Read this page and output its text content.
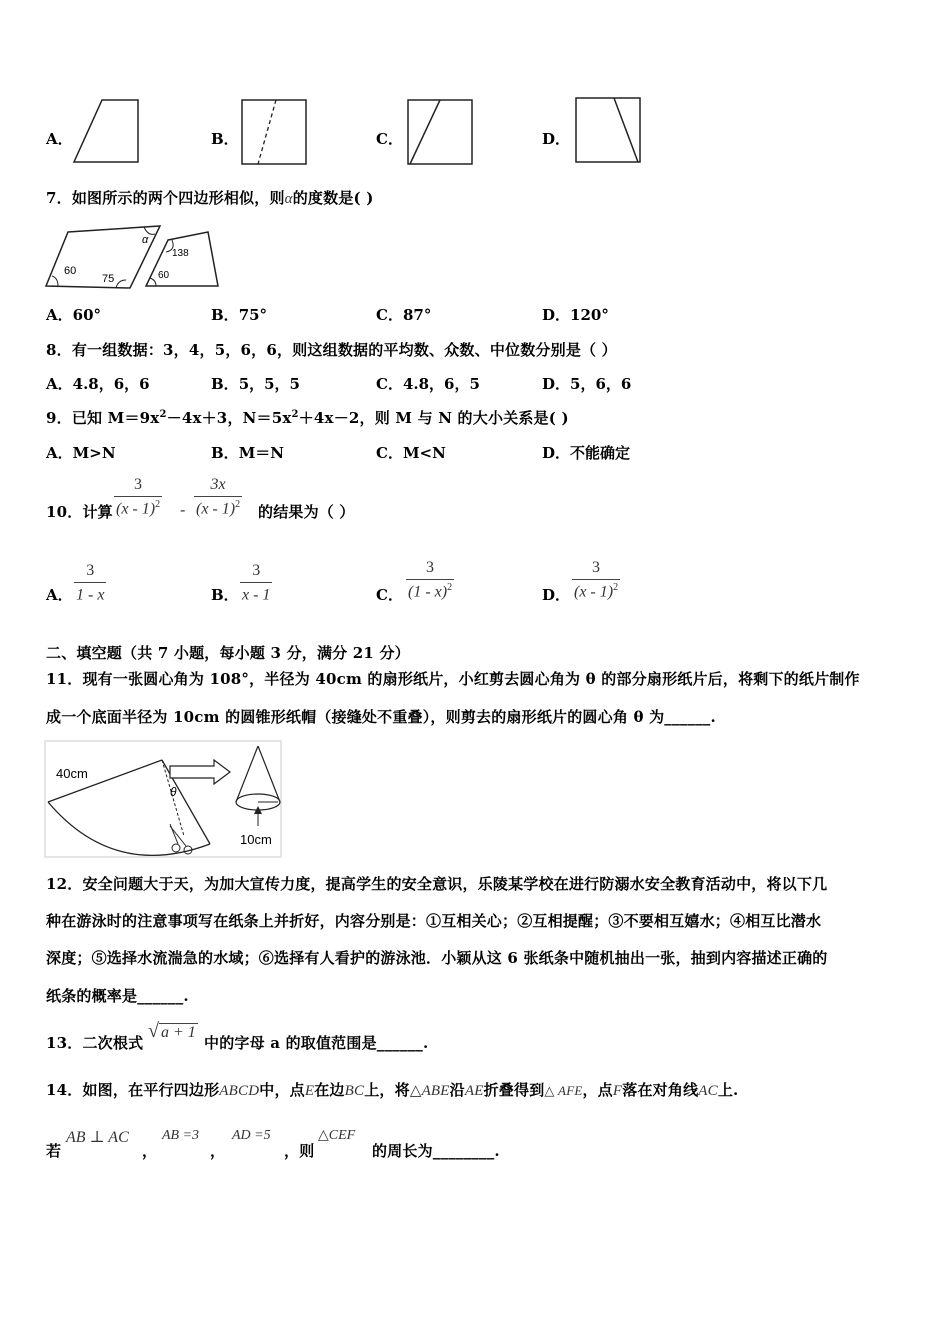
A．	B．	C．	D．
7．如图所示的两个四边形相似，则α的度数是( )
α
60
75
138
60
A．60°	B．75°	C．87°	D．120°
8．有一组数据：3，4，5，6，6，则这组数据的平均数、众数、中位数分别是（ ）
A．4.8，6，6	B．5，5，5	C．4.8，6，5	D．5，6，6
9．已知 $M=9x^2-4x+3$，$N=5x^2+4x-2$，则 M 与 N 的大小关系是( )
A．M>N	B．M＝N	C．M<N	D．不能确定
10．计算 $\frac{3}{(x - 1)^2} - \frac{3x}{(x - 1)^2}$ 的结果为（ ）
A． $\frac{3}{1 - x}$	B． $\frac{3}{x - 1}$	C． $\frac{3}{(1 - x)^2}$	D． $\frac{3}{(x - 1)^2}$
二、填空题（共 7 小题，每小题 3 分，满分 21 分）
11．现有一张圆心角为 108°，半径为 40cm 的扇形纸片，小红剪去圆心角为 θ 的部分扇形纸片后，将剩下的纸片制作
成一个底面半径为 10cm 的圆锥形纸帽（接缝处不重叠），则剪去的扇形纸片的圆心角 θ 为______.
40cm
θ
10cm
12．安全问题大于天，为加大宣传力度，提高学生的安全意识，乐陵某学校在进行防溺水安全教育活动中，将以下几
种在游泳时的注意事项写在纸条上并折好，内容分别是：①互相关心；②互相提醒；③不要相互嬉水；④相互比潜水
深度；⑤选择水流湍急的水域；⑥选择有人看护的游泳池．小颖从这 6 张纸条中随机抽出一张，抽到内容描述正确的
纸条的概率是______.
13．二次根式
√ a + 1
中的字母 a 的取值范围是______.
14．如图，在平行四边形ABCD中，点E在边BC上，将△ABE沿AE折叠得到△ AFE，点F落在对角线AC上.
若
AB ⊥ AC
，
AB =3
，
AD =5
，则
△CEF
的周长为________.
